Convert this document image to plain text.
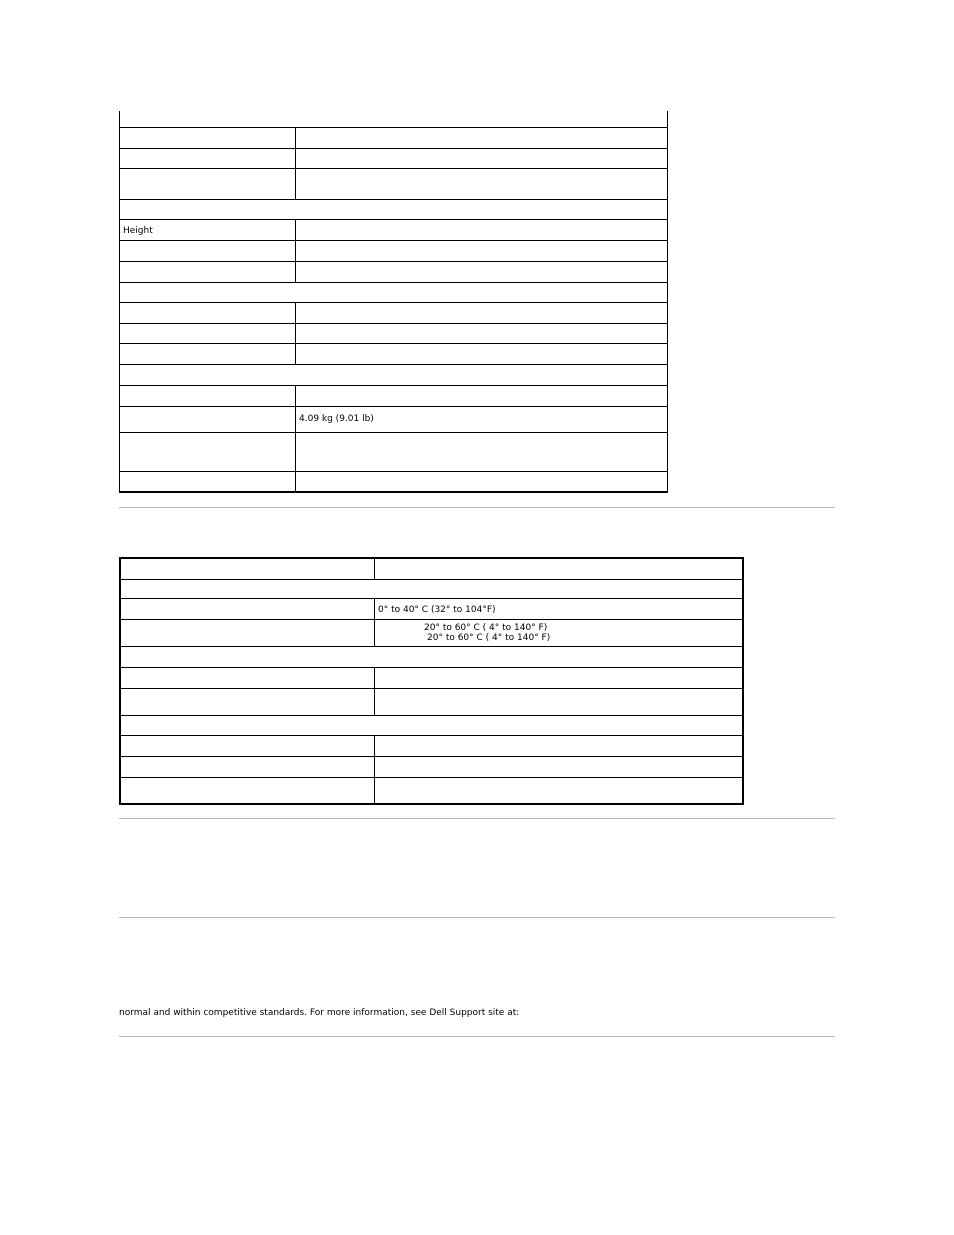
Height
4.09 kg (9.01 lb)
0° to 40° C (32° to 104°F)
20° to 60° C ( 4° to 140° F)
20° to 60° C ( 4° to 140° F)

normal and within competitive standards. For more information, see Dell Support site at:
